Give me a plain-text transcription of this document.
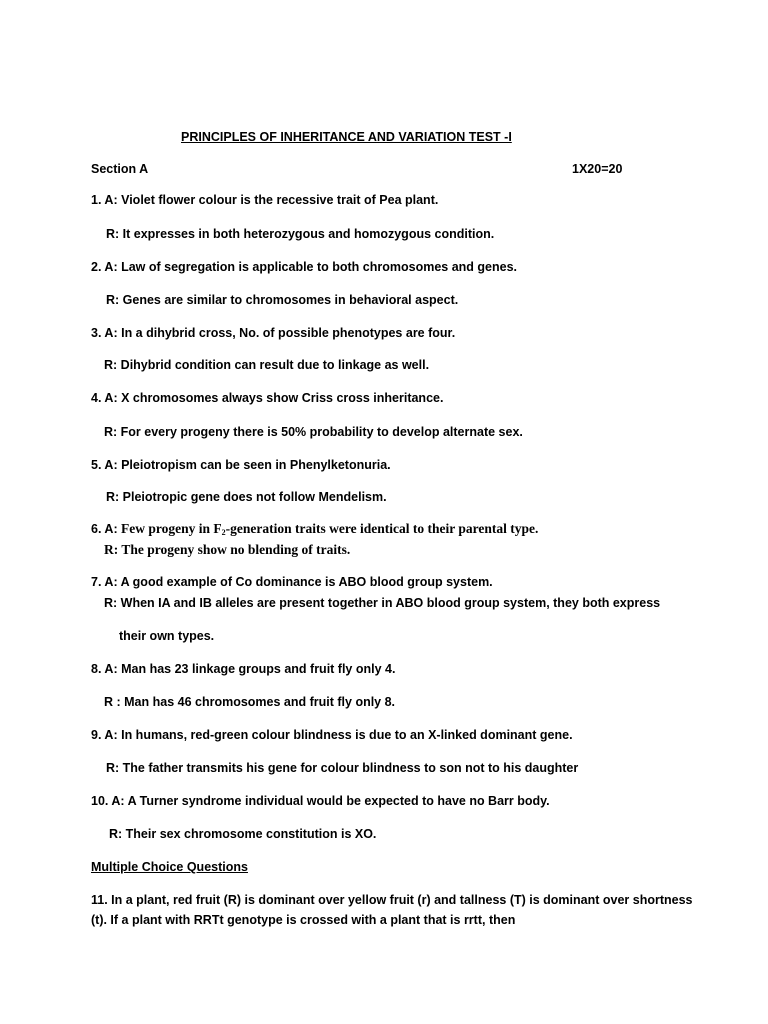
PRINCIPLES OF INHERITANCE AND VARIATION TEST -I
Section A	1X20=20
1. A: Violet flower colour is the recessive trait of Pea plant.
R: It expresses in both heterozygous and homozygous condition.
2. A: Law of segregation is applicable to both chromosomes and genes.
R: Genes are similar to chromosomes in behavioral aspect.
3. A: In a dihybrid cross, No. of possible phenotypes are four.
R: Dihybrid condition can result due to linkage as well.
4. A: X chromosomes always show Criss cross inheritance.
R: For every progeny there is 50% probability to develop alternate sex.
5. A: Pleiotropism can be seen in Phenylketonuria.
R: Pleiotropic gene does not follow Mendelism.
6. A: Few progeny in $F_2$-generation traits were identical to their parental type.
R: The progeny show no blending of traits.
7. A: A good example of Co dominance is ABO blood group system.
R: When IA and IB alleles are present together in ABO blood group system, they both express
their own types.
8. A: Man has 23 linkage groups and fruit fly only 4.
R : Man has 46 chromosomes and fruit fly only 8.
9. A: In humans, red-green colour blindness is due to an X-linked dominant gene.
R: The father transmits his gene for colour blindness to son not to his daughter
10. A: A Turner syndrome individual would be expected to have no Barr body.
R: Their sex chromosome constitution is XO.
Multiple Choice Questions
11. In a plant, red fruit (R) is dominant over yellow fruit (r) and tallness (T) is dominant over shortness
(t). If a plant with RRTt genotype is crossed with a plant that is rrtt, then
